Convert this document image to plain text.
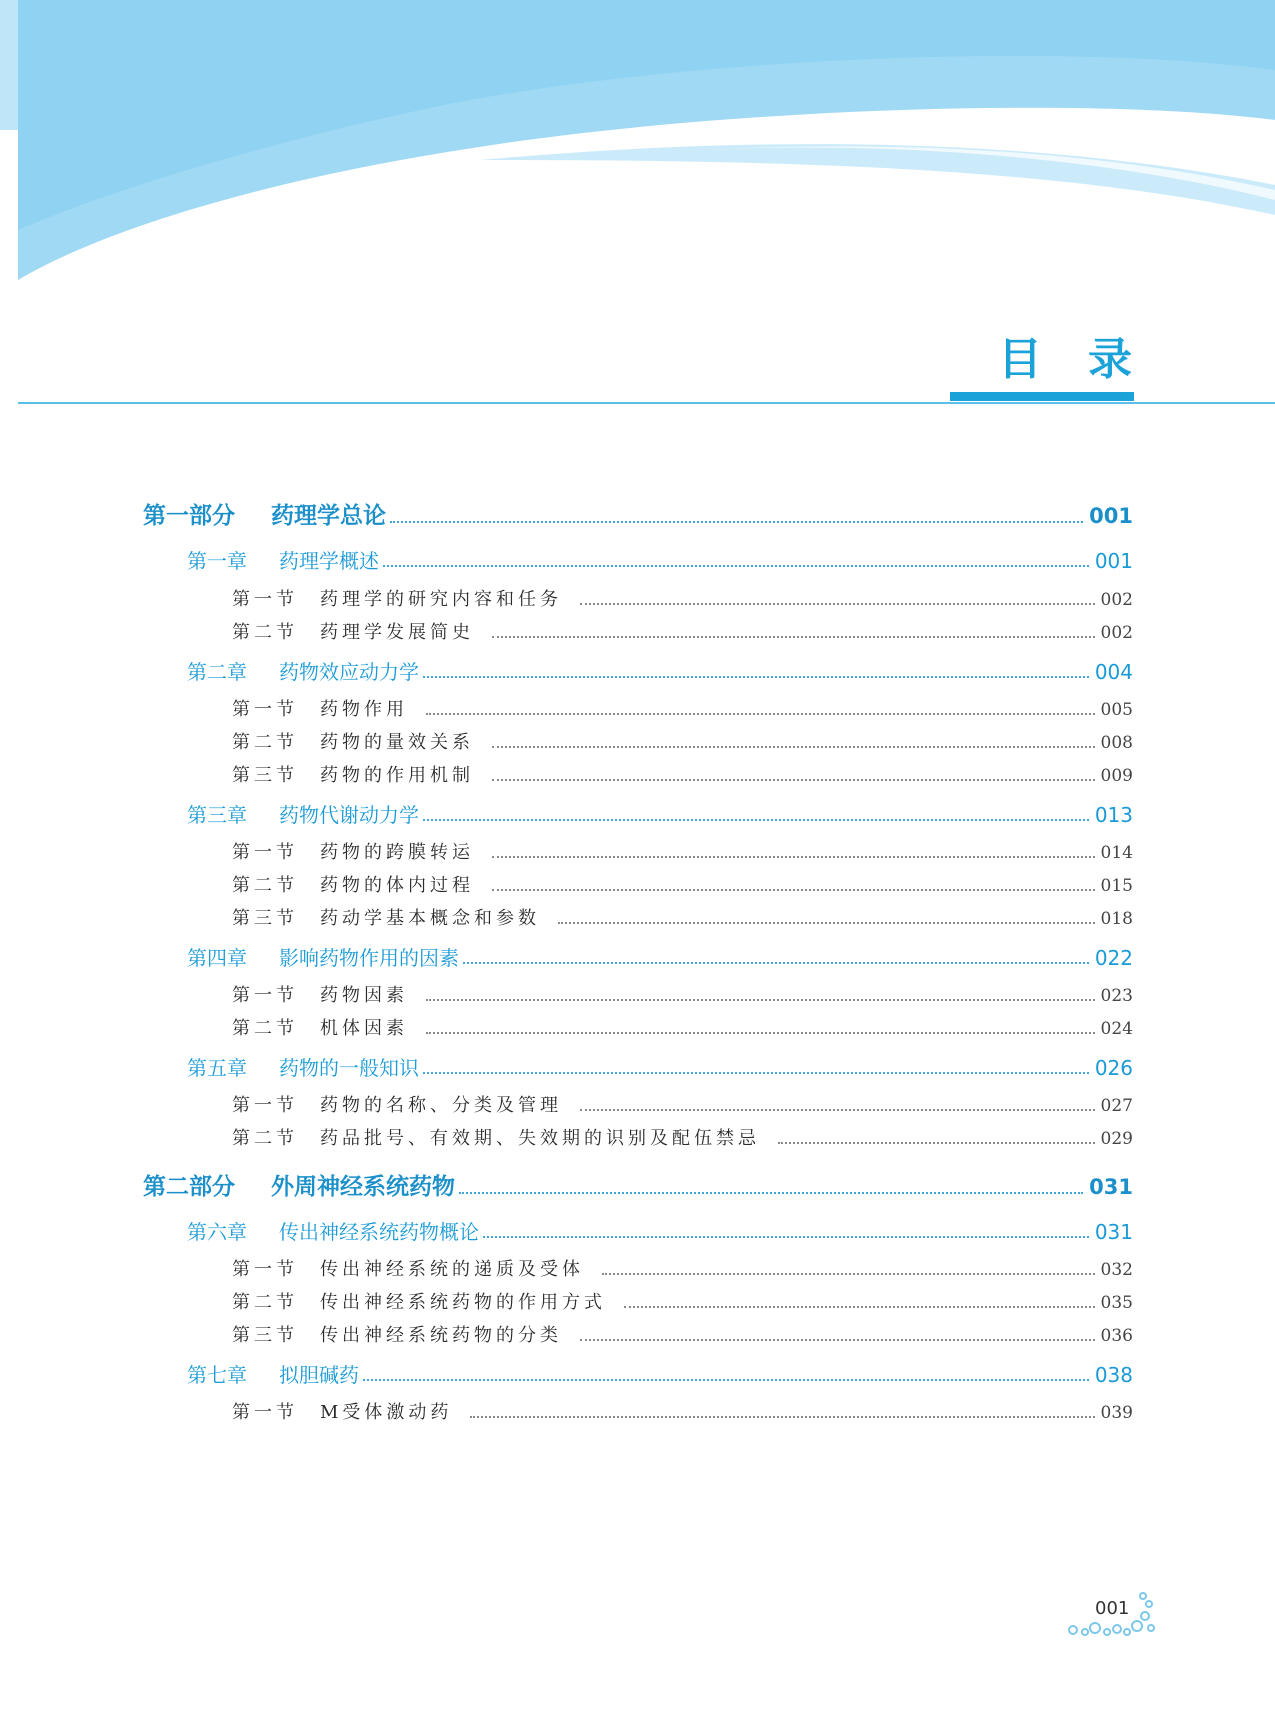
目录
第一部分	药理学总论	001
第一章	药理学概述	001
第一节	药理学的研究内容和任务	002
第二节	药理学发展简史	002
第二章	药物效应动力学	004
第一节	药物作用	005
第二节	药物的量效关系	008
第三节	药物的作用机制	009
第三章	药物代谢动力学	013
第一节	药物的跨膜转运	014
第二节	药物的体内过程	015
第三节	药动学基本概念和参数	018
第四章	影响药物作用的因素	022
第一节	药物因素	023
第二节	机体因素	024
第五章	药物的一般知识	026
第一节	药物的名称、分类及管理	027
第二节	药品批号、有效期、失效期的识别及配伍禁忌	029
第二部分	外周神经系统药物	031
第六章	传出神经系统药物概论	031
第一节	传出神经系统的递质及受体	032
第二节	传出神经系统药物的作用方式	035
第三节	传出神经系统药物的分类	036
第七章	拟胆碱药	038
第一节	M受体激动药	039
001
